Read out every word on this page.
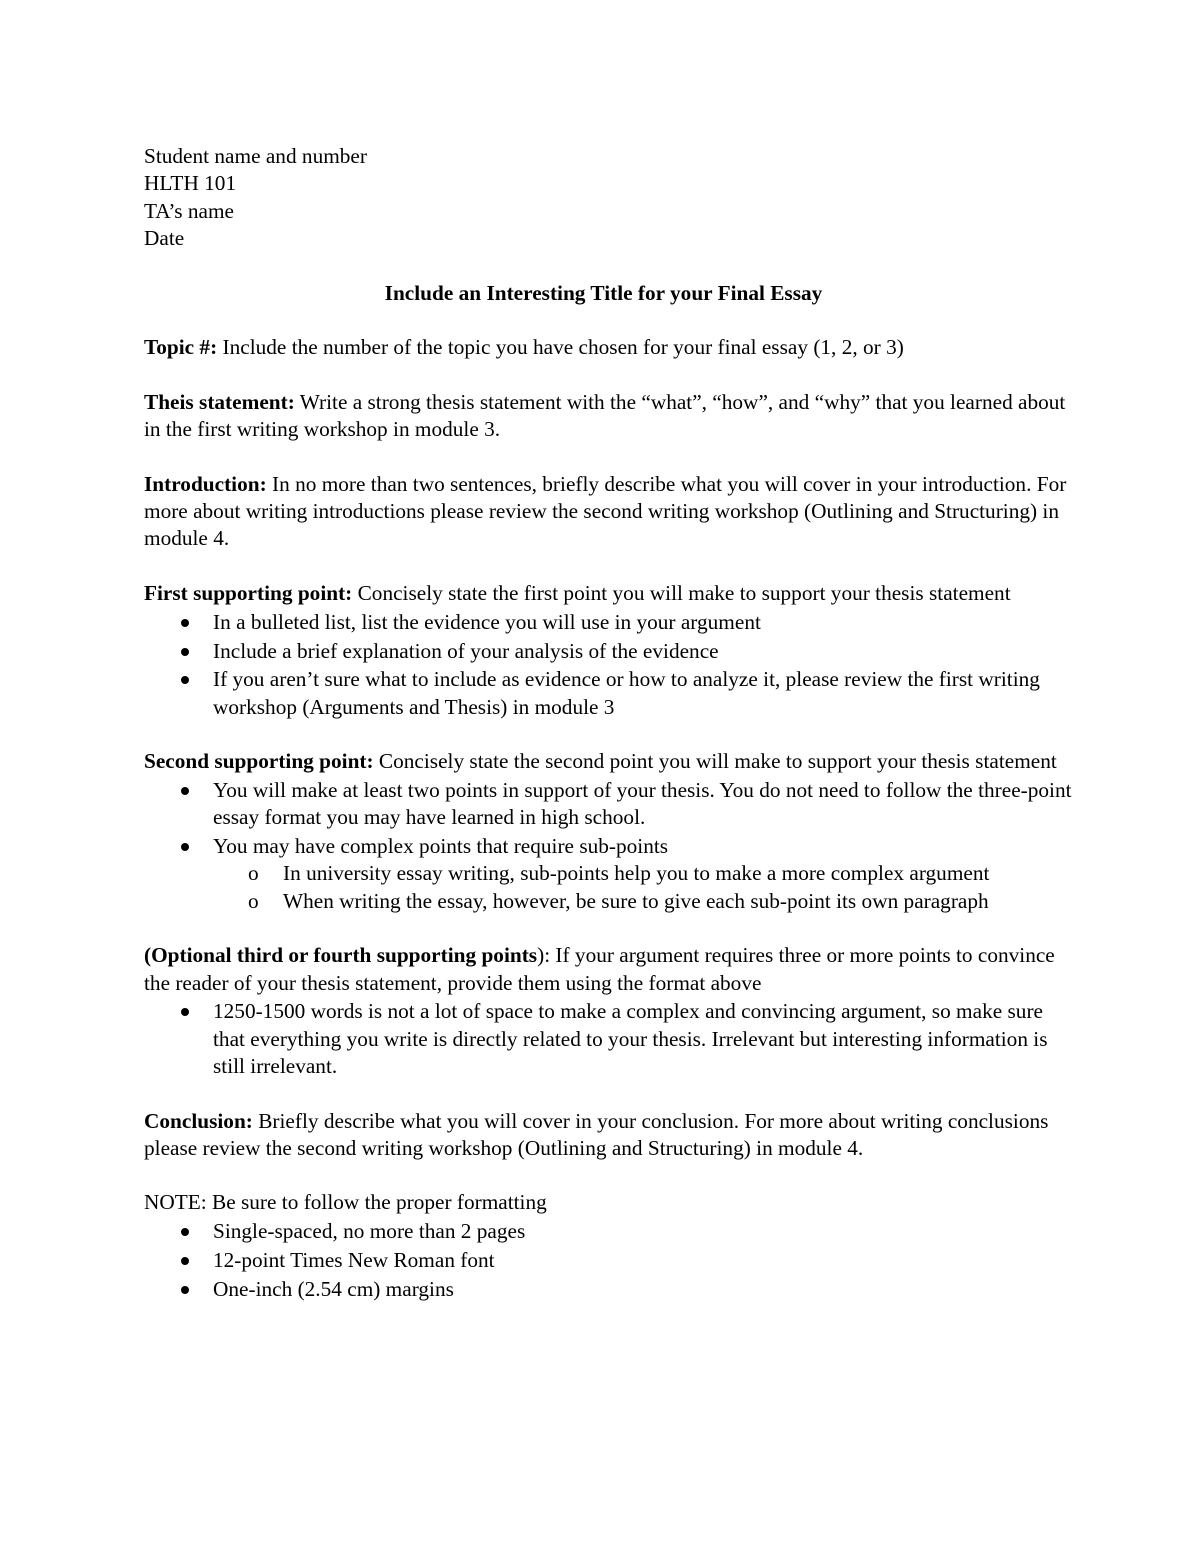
Student name and number
HLTH 101
TA’s name
Date
Include an Interesting Title for your Final Essay
Topic #: Include the number of the topic you have chosen for your final essay (1, 2, or 3)
Theis statement: Write a strong thesis statement with the “what”, “how”, and “why” that you learned about in the first writing workshop in module 3.
Introduction: In no more than two sentences, briefly describe what you will cover in your introduction. For more about writing introductions please review the second writing workshop (Outlining and Structuring) in module 4.
First supporting point: Concisely state the first point you will make to support your thesis statement
In a bulleted list, list the evidence you will use in your argument
Include a brief explanation of your analysis of the evidence
If you aren’t sure what to include as evidence or how to analyze it, please review the first writing workshop (Arguments and Thesis) in module 3
Second supporting point: Concisely state the second point you will make to support your thesis statement
You will make at least two points in support of your thesis. You do not need to follow the three-point essay format you may have learned in high school.
You may have complex points that require sub-points
o In university essay writing, sub-points help you to make a more complex argument
o When writing the essay, however, be sure to give each sub-point its own paragraph
(Optional third or fourth supporting points): If your argument requires three or more points to convince the reader of your thesis statement, provide them using the format above
1250-1500 words is not a lot of space to make a complex and convincing argument, so make sure that everything you write is directly related to your thesis. Irrelevant but interesting information is still irrelevant.
Conclusion: Briefly describe what you will cover in your conclusion. For more about writing conclusions please review the second writing workshop (Outlining and Structuring) in module 4.
NOTE: Be sure to follow the proper formatting
Single-spaced, no more than 2 pages
12-point Times New Roman font
One-inch (2.54 cm) margins
